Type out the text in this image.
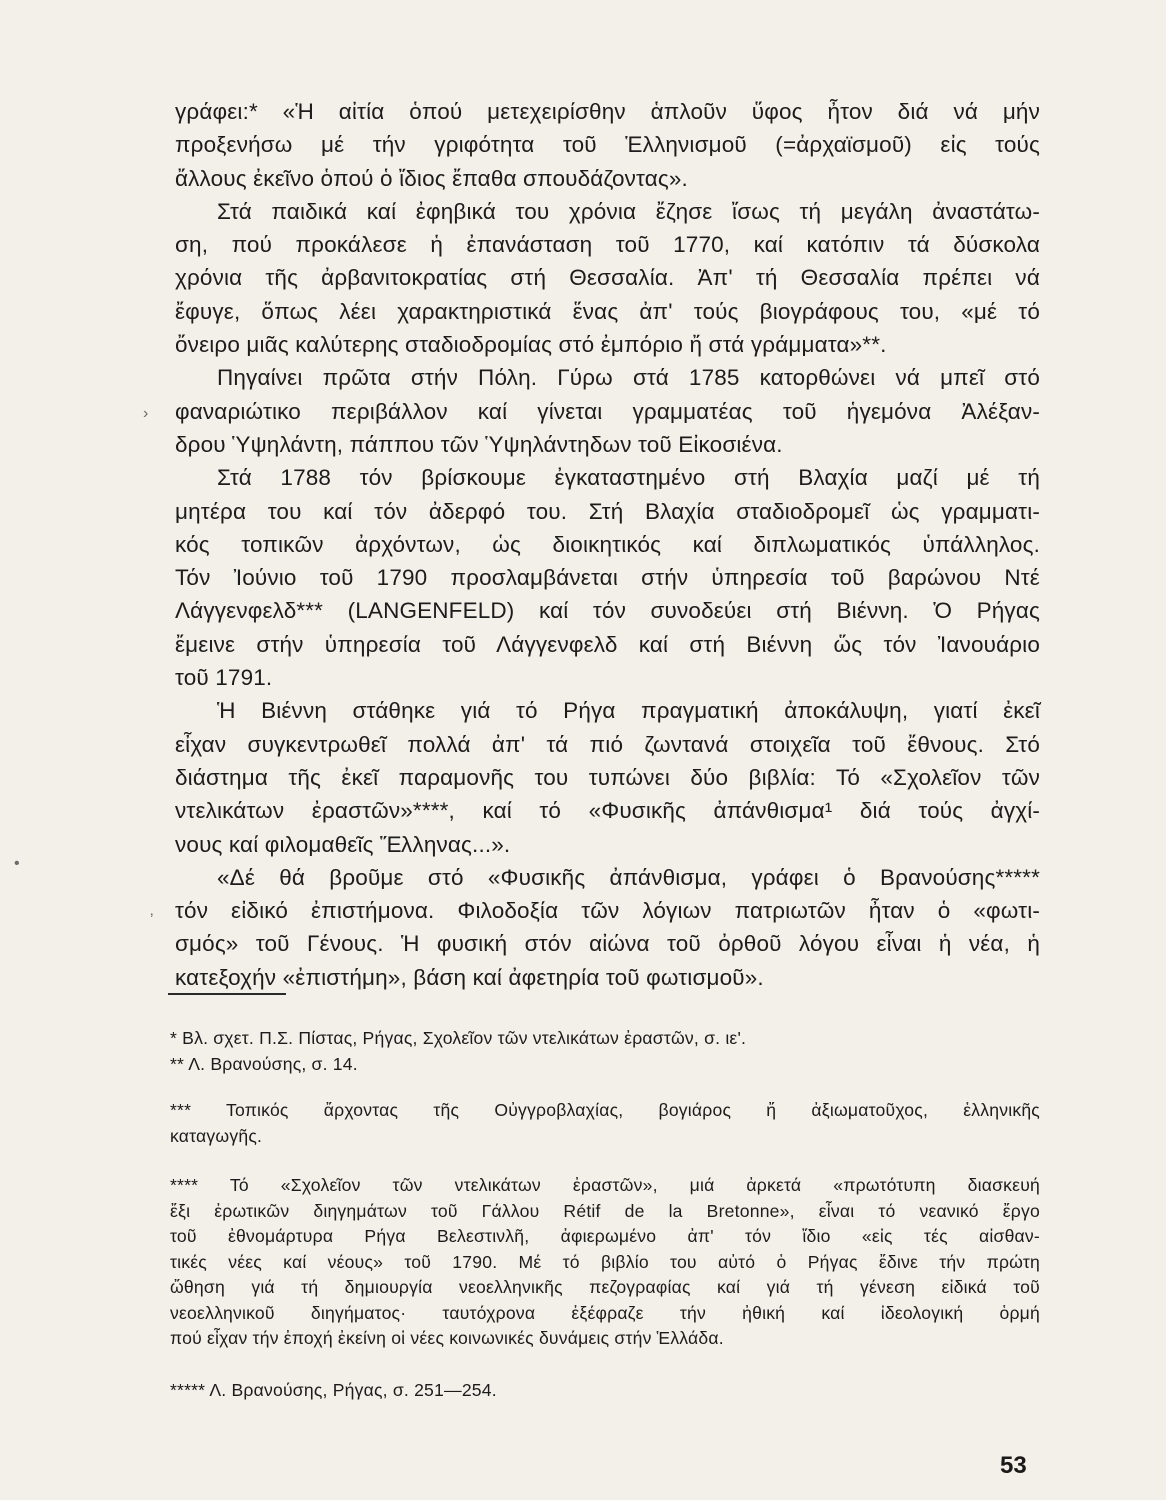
γράφει:* «Ἡ αἰτία ὁπού μετεχειρίσθην ἁπλοῦν ὕφος ἦτον διά νά μήν
προξενήσω μέ τήν γριφότητα τοῦ Ἑλληνισμοῦ (=ἀρχαϊσμοῦ) εἰς τούς
ἄλλους ἐκεῖνο ὁπού ὁ ἴδιος ἔπαθα σπουδάζοντας».

Στά παιδικά καί ἐφηβικά του χρόνια ἔζησε ἴσως τή μεγάλη ἀναστάτω-
ση, πού προκάλεσε ἡ ἐπανάσταση τοῦ 1770, καί κατόπιν τά δύσκολα
χρόνια τῆς ἀρβανιτοκρατίας στή Θεσσαλία. Ἀπ' τή Θεσσαλία πρέπει νά
ἔφυγε, ὅπως λέει χαρακτηριστικά ἕνας ἀπ' τούς βιογράφους του, «μέ τό
ὄνειρο μιᾶς καλύτερης σταδιοδρομίας στό ἐμπόριο ἤ στά γράμματα»**.

Πηγαίνει πρῶτα στήν Πόλη. Γύρω στά 1785 κατορθώνει νά μπεῖ στό
φαναριώτικο περιβάλλον καί γίνεται γραμματέας τοῦ ἡγεμόνα Ἀλέξαν-
δρου Ὑψηλάντη, πάππου τῶν Ὑψηλάντηδων τοῦ Εἰκοσιένα.

Στά 1788 τόν βρίσκουμε ἐγκαταστημένο στή Βλαχία μαζί μέ τή
μητέρα του καί τόν ἀδερφό του. Στή Βλαχία σταδιοδρομεῖ ὡς γραμματι-
κός τοπικῶν ἀρχόντων, ὡς διοικητικός καί διπλωματικός ὑπάλληλος.
Τόν Ἰούνιο τοῦ 1790 προσλαμβάνεται στήν ὑπηρεσία τοῦ βαρώνου Ντέ
Λάγγενφελδ*** (LANGENFELD) καί τόν συνοδεύει στή Βιέννη. Ὁ Ρήγας
ἔμεινε στήν ὑπηρεσία τοῦ Λάγγενφελδ καί στή Βιέννη ὥς τόν Ἰανουάριο
τοῦ 1791.

Ἡ Βιέννη στάθηκε γιά τό Ρήγα πραγματική ἀποκάλυψη, γιατί ἐκεῖ
εἶχαν συγκεντρωθεῖ πολλά ἀπ' τά πιό ζωντανά στοιχεῖα τοῦ ἔθνους. Στό
διάστημα τῆς ἐκεῖ παραμονῆς του τυπώνει δύο βιβλία: Τό «Σχολεῖον τῶν
ντελικάτων ἐραστῶν»****, καί τό «Φυσικῆς ἀπάνθισμα¹ διά τούς ἀγχί-
νους καί φιλομαθεῖς Ἕλληνας...».

«Δέ θά βροῦμε στό «Φυσικῆς ἀπάνθισμα, γράφει ὁ Βρανούσης*****
τόν εἰδικό ἐπιστήμονα. Φιλοδοξία τῶν λόγιων πατριωτῶν ἦταν ὁ «φωτι-
σμός» τοῦ Γένους. Ἡ φυσική στόν αἰώνα τοῦ ὀρθοῦ λόγου εἶναι ἡ νέα, ἡ
κατεξοχήν «ἐπιστήμη», βάση καί ἀφετηρία τοῦ φωτισμοῦ».

* Βλ. σχετ. Π.Σ. Πίστας, Ρήγας, Σχολεῖον τῶν ντελικάτων ἐραστῶν, σ. ιε'.

** Λ. Βρανούσης, σ. 14.

*** Τοπικός ἄρχοντας τῆς Οὐγγροβλαχίας, βογιάρος ἤ ἀξιωματοῦχος, ἑλληνικῆς
καταγωγῆς.

**** Τό «Σχολεῖον τῶν ντελικάτων ἐραστῶν», μιά ἀρκετά «πρωτότυπη διασκευή
ἔξι ἐρωτικῶν διηγημάτων τοῦ Γάλλου Rétif de la Bretonne», εἶναι τό νεανικό ἔργο
τοῦ ἐθνομάρτυρα Ρήγα Βελεστινλῆ, ἀφιερωμένο ἀπ' τόν ἴδιο «εἰς τές αἰσθαν-
τικές νέες καί νέους» τοῦ 1790. Μέ τό βιβλίο του αὐτό ὁ Ρήγας ἔδινε τήν πρώτη
ὤθηση γιά τή δημιουργία νεοελληνικῆς πεζογραφίας καί γιά τή γένεση εἰδικά τοῦ
νεοελληνικοῦ διηγήματος· ταυτόχρονα ἐξέφραζε τήν ἠθική καί ἰδεολογική ὁρμή
πού εἶχαν τήν ἐποχή ἐκείνη οἱ νέες κοινωνικές δυνάμεις στήν Ἑλλάδα.

***** Λ. Βρανούσης, Ρήγας, σ. 251—254.

53
›
•
ʼ
